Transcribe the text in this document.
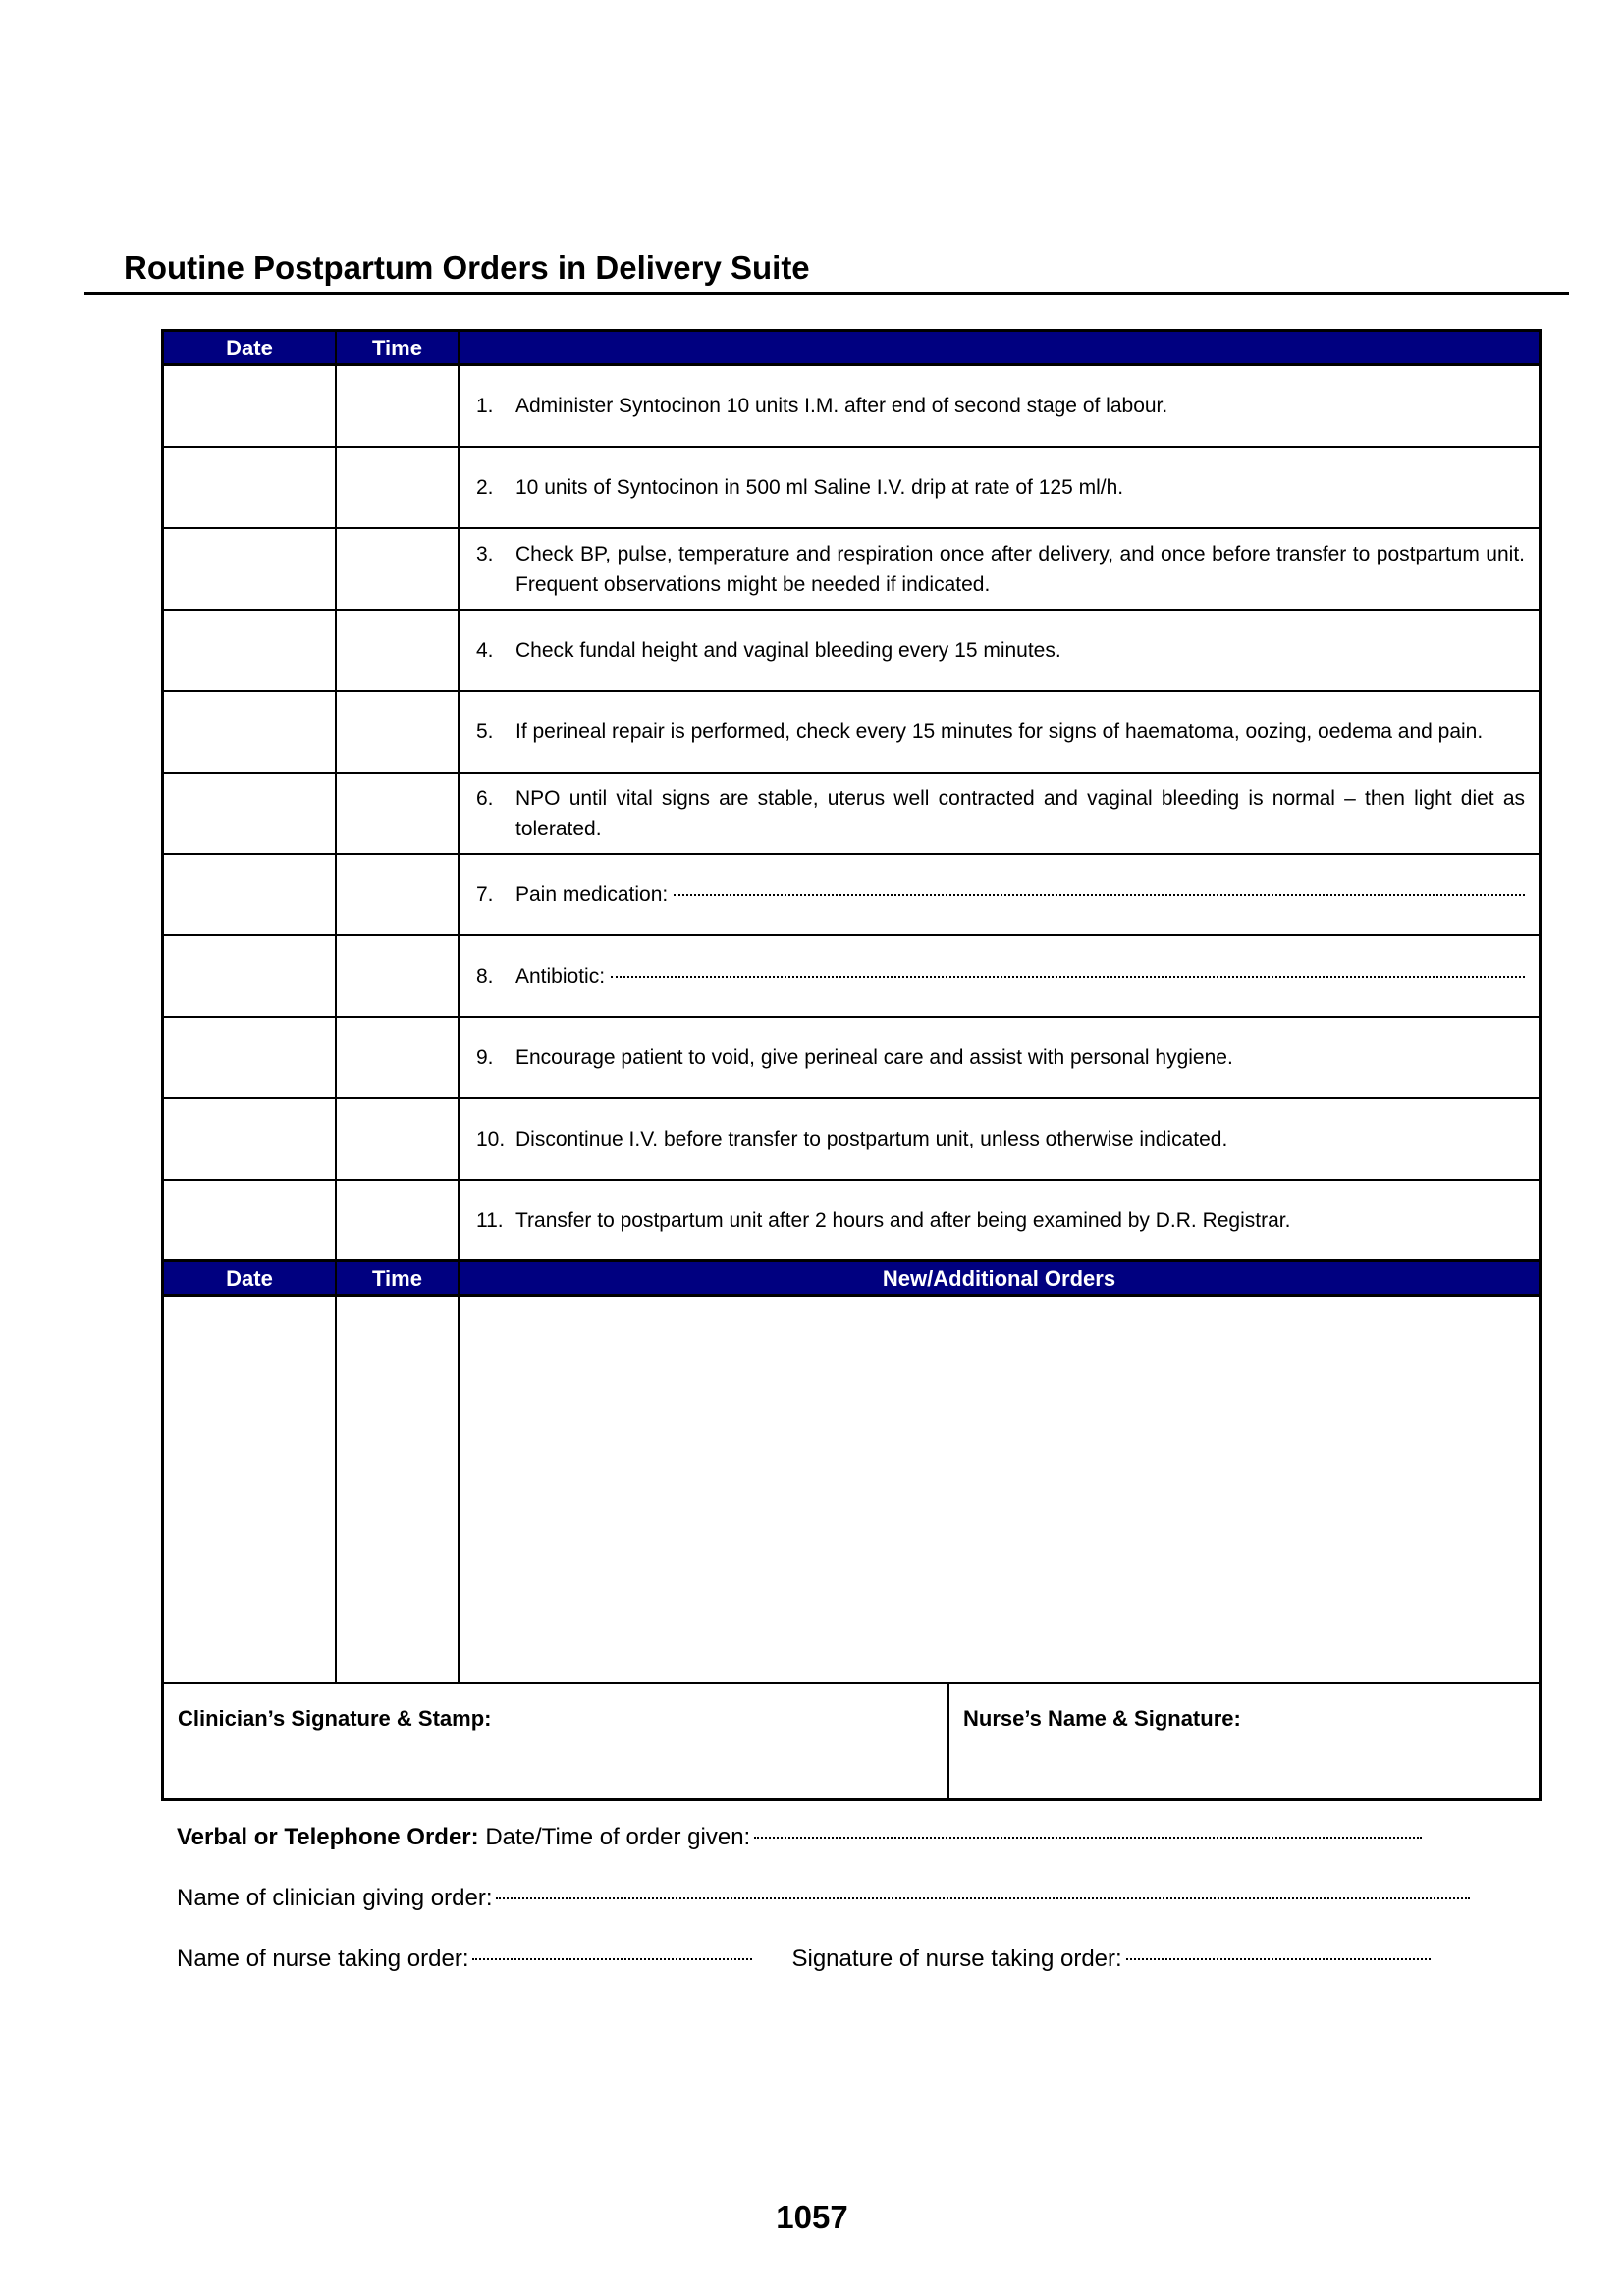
Routine Postpartum Orders in Delivery Suite
Date	Time
1.	Administer Syntocinon 10 units I.M. after end of second stage of labour.
2.	10 units of Syntocinon in 500 ml Saline I.V. drip at rate of 125 ml/h.
3.	Check BP, pulse, temperature and respiration once after delivery, and once before transfer to postpartum unit. Frequent observations might be needed if indicated.
4.	Check fundal height and vaginal bleeding every 15 minutes.
5.	If perineal repair is performed, check every 15 minutes for signs of haematoma, oozing, oedema and pain.
6.	NPO until vital signs are stable, uterus well contracted and vaginal bleeding is normal – then light diet as tolerated.
7.	Pain medication:
8.	Antibiotic:
9.	Encourage patient to void, give perineal care and assist with personal hygiene.
10. Discontinue I.V. before transfer to postpartum unit, unless otherwise indicated.
11. Transfer to postpartum unit after 2 hours and after being examined by D.R. Registrar.
Date	Time	New/Additional Orders
Clinician’s Signature & Stamp:	Nurse’s Name & Signature:
Verbal or Telephone Order:
Date/Time of order given:
Name of clinician giving order:
Name of nurse taking order:	Signature of nurse taking order:
1057
